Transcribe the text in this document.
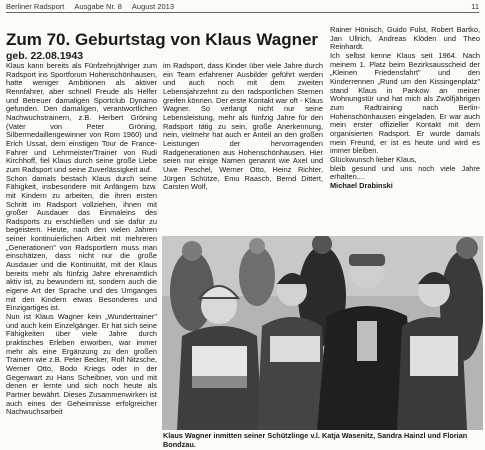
Berliner Radsport Ausgabe Nr. 8 August 2013	11
Zum 70. Geburtstag von Klaus Wagner
geb. 22.08.1943

Klaus kann bereits als Fünfzehnjähriger zum Radsport ins Sportforum Hohenschönhausen, hatte weniger Ambitionen als aktiver Rennfahrer, aber schnell Freude als Helfer und Betreuer damaligen Sportclub Dynamo gefunden. Den damaligen, verantwortlichen Nachwuchstrainern, z.B. Herbert Gröning (Vater von Peter Gröning, Silbermedaillengewinner von Rom 1960) und Erich Ussat, dem einstigen Tour de France-Fahrer und Lehrmeister/Trainer von Rudi Kirchhoff, fiel Klaus durch seine große Liebe zum Radsport und seine Zuverlässigkeit auf.

Schon damals bestach Klaus durch seine Fähigkeit, insbesondere mit Anfängern bzw. mit Kindern zu arbeiten, die ihren ersten Schritt im Radsport vollziehen, ihnen mit großer Ausdauer das Einmaleins des Radsports zu erschließen und sie dafür zu begeistern. Heute, nach den vielen Jahren seiner kontinuierlichen Arbeit mit mehreren „Generationen" von Radsportlern muss man einschätzen, dass nicht nur die große Ausdauer und die Kontinuität, mit der Klaus bereits mehr als fünfzig Jahre ehrenamtlich aktiv ist, zu bewundern ist, sondern auch die eigene Art der Sprache und des Umganges mit den Kindern etwas Besonderes und Einzigartiges ist.

Nun ist Klaus Wagner kein „Wundertrainer" und auch kein Einzelgänger. Er hat sich seine Fähigkeiten über viele Jahre durch praktisches Erleben erworben, war immer mehr als eine Ergänzung zu den großen Trainern wie z.B. Peter Becker, Rolf Nitzsche, Werner Otto, Bodo Kriegs oder in der Gegenwart zu Hans Scheibner, von und mit denen er lernte und sich noch heute als Partner bewährt. Dieses Zusammenwirken ist auch eines der Geheimnisse erfolgreicher Nachwuchsarbeit

im Radsport, dass Kinder über viele Jahre durch ein Team erfahrener Ausbilder geführt werden und auch noch mit dem zweiten Lebensjahrzehnt zu den radsportlichen Sternen greifen können. Der erste Kontakt war oft - Klaus Wagner. So verlangt nicht nur seine Lebensleistung, mehr als fünfzig Jahre für den Radsport tätig zu sein, große Anerkennung, nein, vielmehr hat auch er Anteil an den großen Leistungen der hervorragenden Radgenerationen aus Hohenschönhausen. Hier seien nur einige Namen genannt wie Axel und Uwe Peschel, Werner Otto, Heinz Richter, Jürgen Schütze, Emu Raasch, Bernd Dittert, Carsten Wolf,

Rainer Hönisch, Guido Fulst, Robert Bartko, Jan Ullrich, Andreas Klöden und Theo Reinhardt.

Ich selbst kenne Klaus seit 1964. Nach meinem 1. Platz beim Bezirksausscheid der „Kleinen Friedensfahrt" und den Kinderrennen „Rund um den Kissingenplatz" stand Klaus in Pankow an meiner Wohnungstür und hat mich als Zwölfjährigen zum Radtraining nach Berlin-Hohenschönhausen eingeladen. Er war auch mein erster offizieller Kontakt mit dem organisierten Radsport. Er wurde damals mein Freund, er ist es heute und wird es immer bleiben.

Glückwunsch lieber Klaus,

bleib gesund und uns noch viele Jahre erhalten....

Michael Drabinski

Klaus Wagner inmitten seiner Schützlinge v.l. Katja Wasenitz, Sandra Hainzl und Florian Bondzau.
